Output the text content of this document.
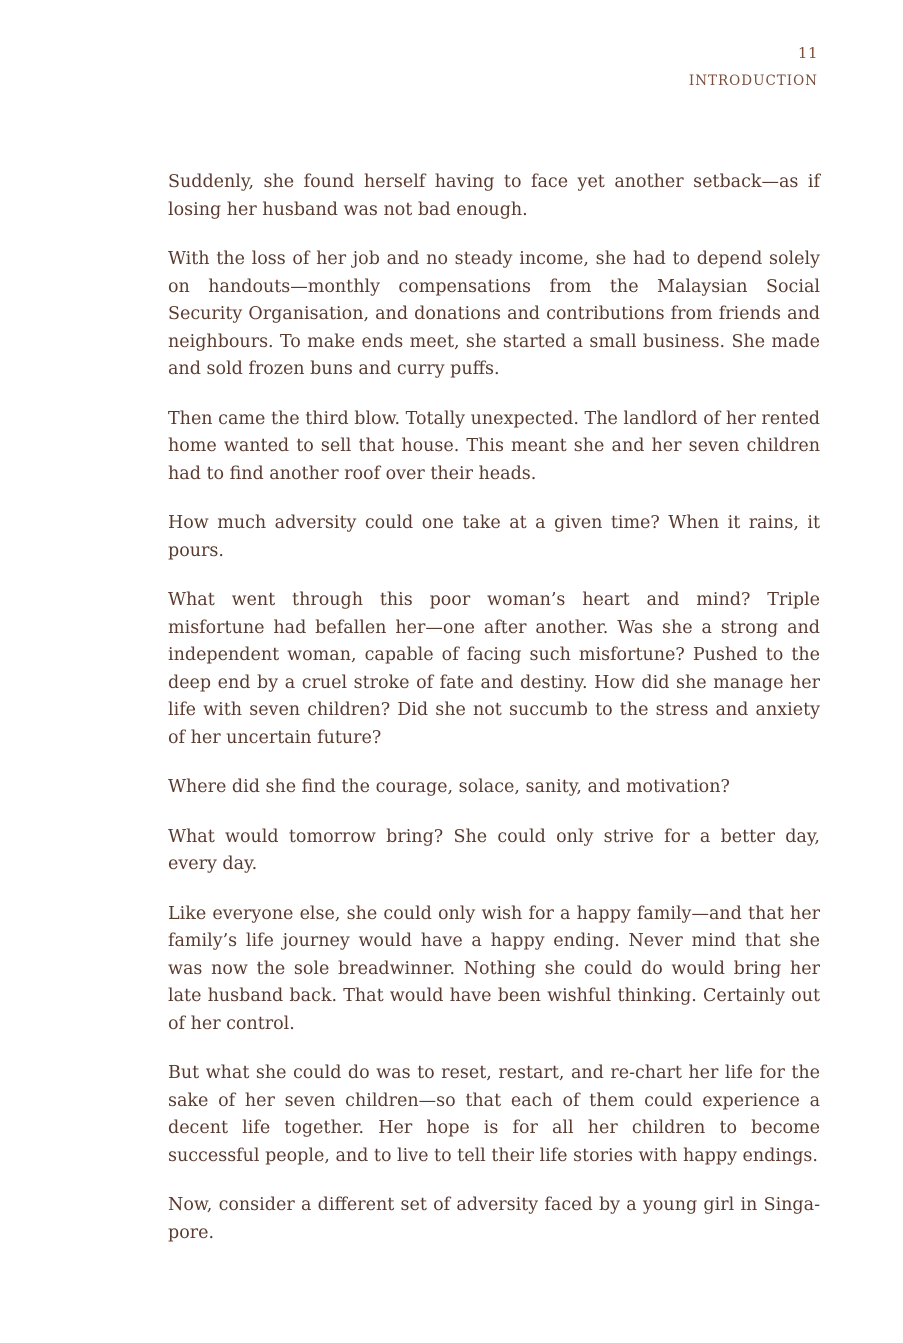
11
INTRODUCTION

Suddenly, she found herself having to face yet another setback—as if losing her husband was not bad enough.

With the loss of her job and no steady income, she had to depend solely on handouts—monthly compensations from the Malaysian Social Security Organisation, and donations and contributions from friends and neighbours. To make ends meet, she started a small business. She made and sold frozen buns and curry puffs.

Then came the third blow. Totally unexpected. The landlord of her rented home wanted to sell that house. This meant she and her seven children had to find another roof over their heads.

How much adversity could one take at a given time? When it rains, it pours.

What went through this poor woman’s heart and mind? Triple misfortune had befallen her—one after another. Was she a strong and independent woman, capable of facing such misfortune? Pushed to the deep end by a cruel stroke of fate and destiny. How did she manage her life with seven children? Did she not succumb to the stress and anxiety of her uncertain future?

Where did she find the courage, solace, sanity, and motivation?

What would tomorrow bring? She could only strive for a better day, every day.

Like everyone else, she could only wish for a happy family—and that her family’s life journey would have a happy ending. Never mind that she was now the sole breadwinner. Nothing she could do would bring her late husband back. That would have been wishful thinking. Certainly out of her control.

But what she could do was to reset, restart, and re-chart her life for the sake of her seven children—so that each of them could experience a decent life together. Her hope is for all her children to become successful people, and to live to tell their life stories with happy endings.

Now, consider a different set of adversity faced by a young girl in Singapore.
